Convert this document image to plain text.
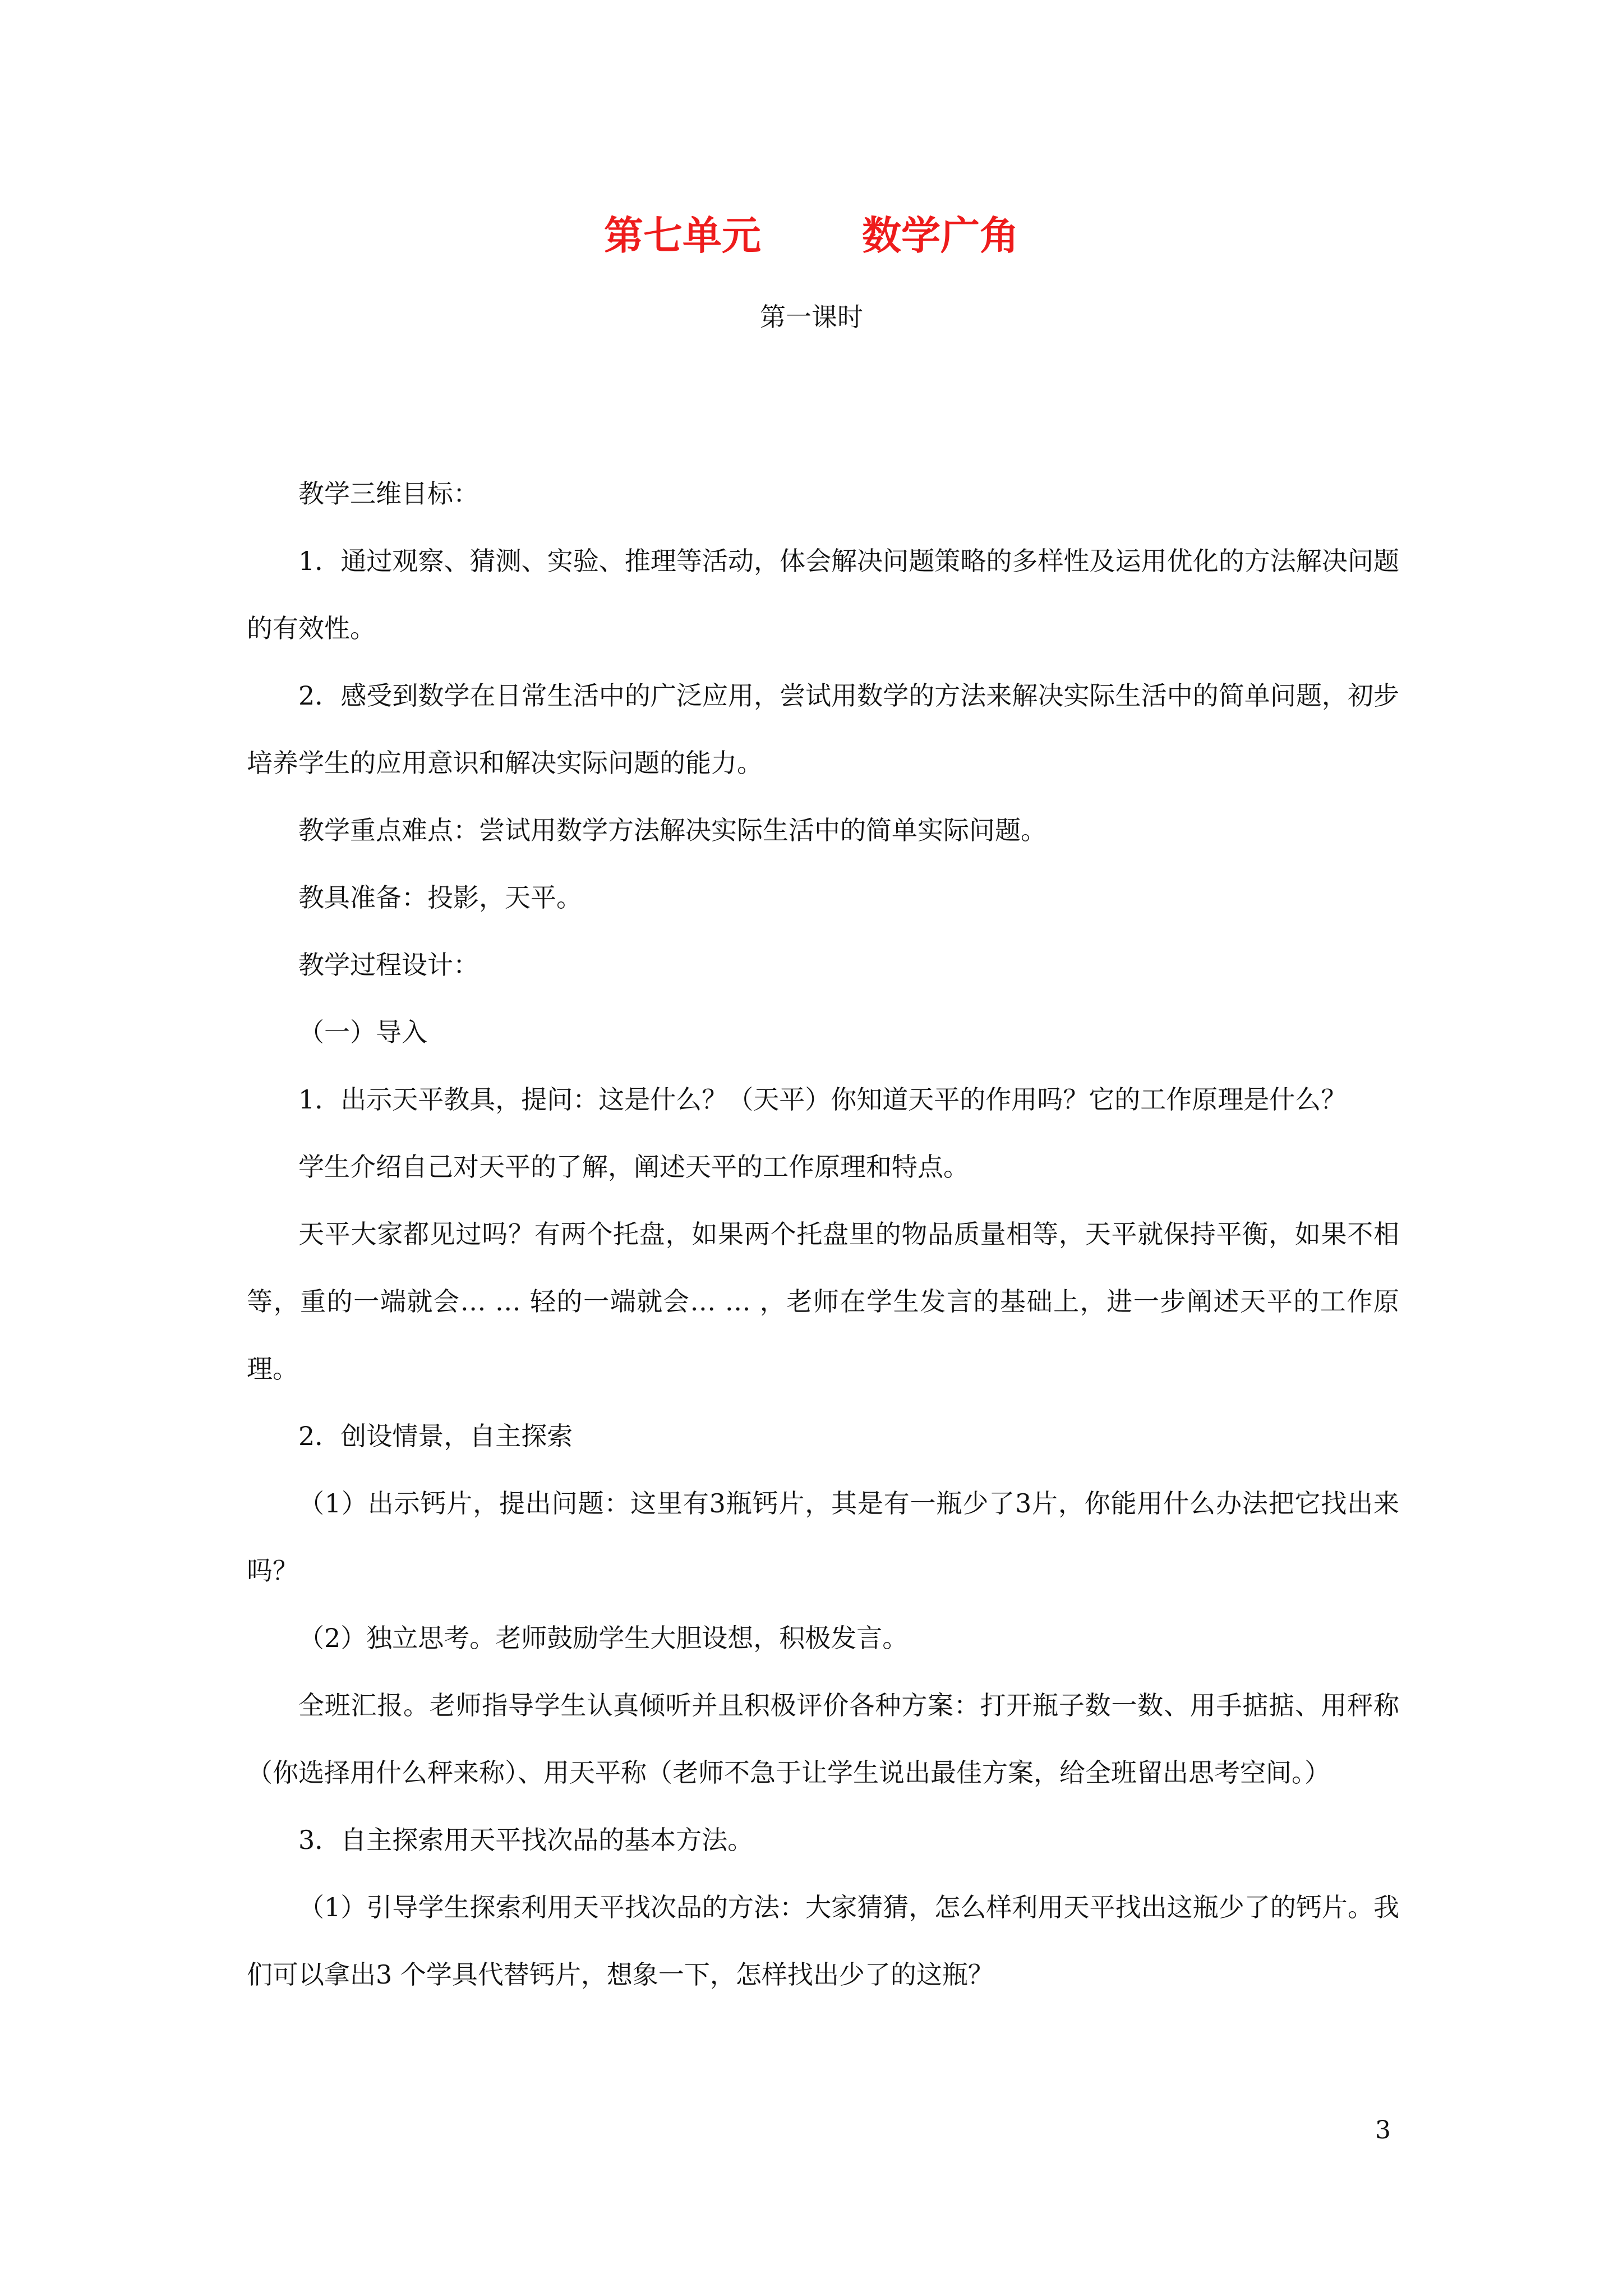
第七单元	数学广角
第一课时

教学三维目标：

1．通过观察、猜测、实验、推理等活动，体会解决问题策略的多样性及运用优化的方法解决问题的有效性。

2．感受到数学在日常生活中的广泛应用，尝试用数学的方法来解决实际生活中的简单问题，初步培养学生的应用意识和解决实际问题的能力。

教学重点难点：尝试用数学方法解决实际生活中的简单实际问题。

教具准备：投影，天平。

教学过程设计：

（一）导入

1．出示天平教具，提问：这是什么？（天平）你知道天平的作用吗？它的工作原理是什么？

学生介绍自己对天平的了解，阐述天平的工作原理和特点。

天平大家都见过吗？有两个托盘，如果两个托盘里的物品质量相等，天平就保持平衡，如果不相等，重的一端就会… … 轻的一端就会… … ，老师在学生发言的基础上，进一步阐述天平的工作原理。

2．创设情景，自主探索

（1）出示钙片，提出问题：这里有3瓶钙片，其是有一瓶少了3片，你能用什么办法把它找出来吗？

（2）独立思考。老师鼓励学生大胆设想，积极发言。

全班汇报。老师指导学生认真倾听并且积极评价各种方案：打开瓶子数一数、用手掂掂、用秤称（你选择用什么秤来称）、用天平称（老师不急于让学生说出最佳方案，给全班留出思考空间。）

3．自主探索用天平找次品的基本方法。

（1）引导学生探索利用天平找次品的方法：大家猜猜，怎么样利用天平找出这瓶少了的钙片。我们可以拿出3 个学具代替钙片，想象一下，怎样找出少了的这瓶？

3
